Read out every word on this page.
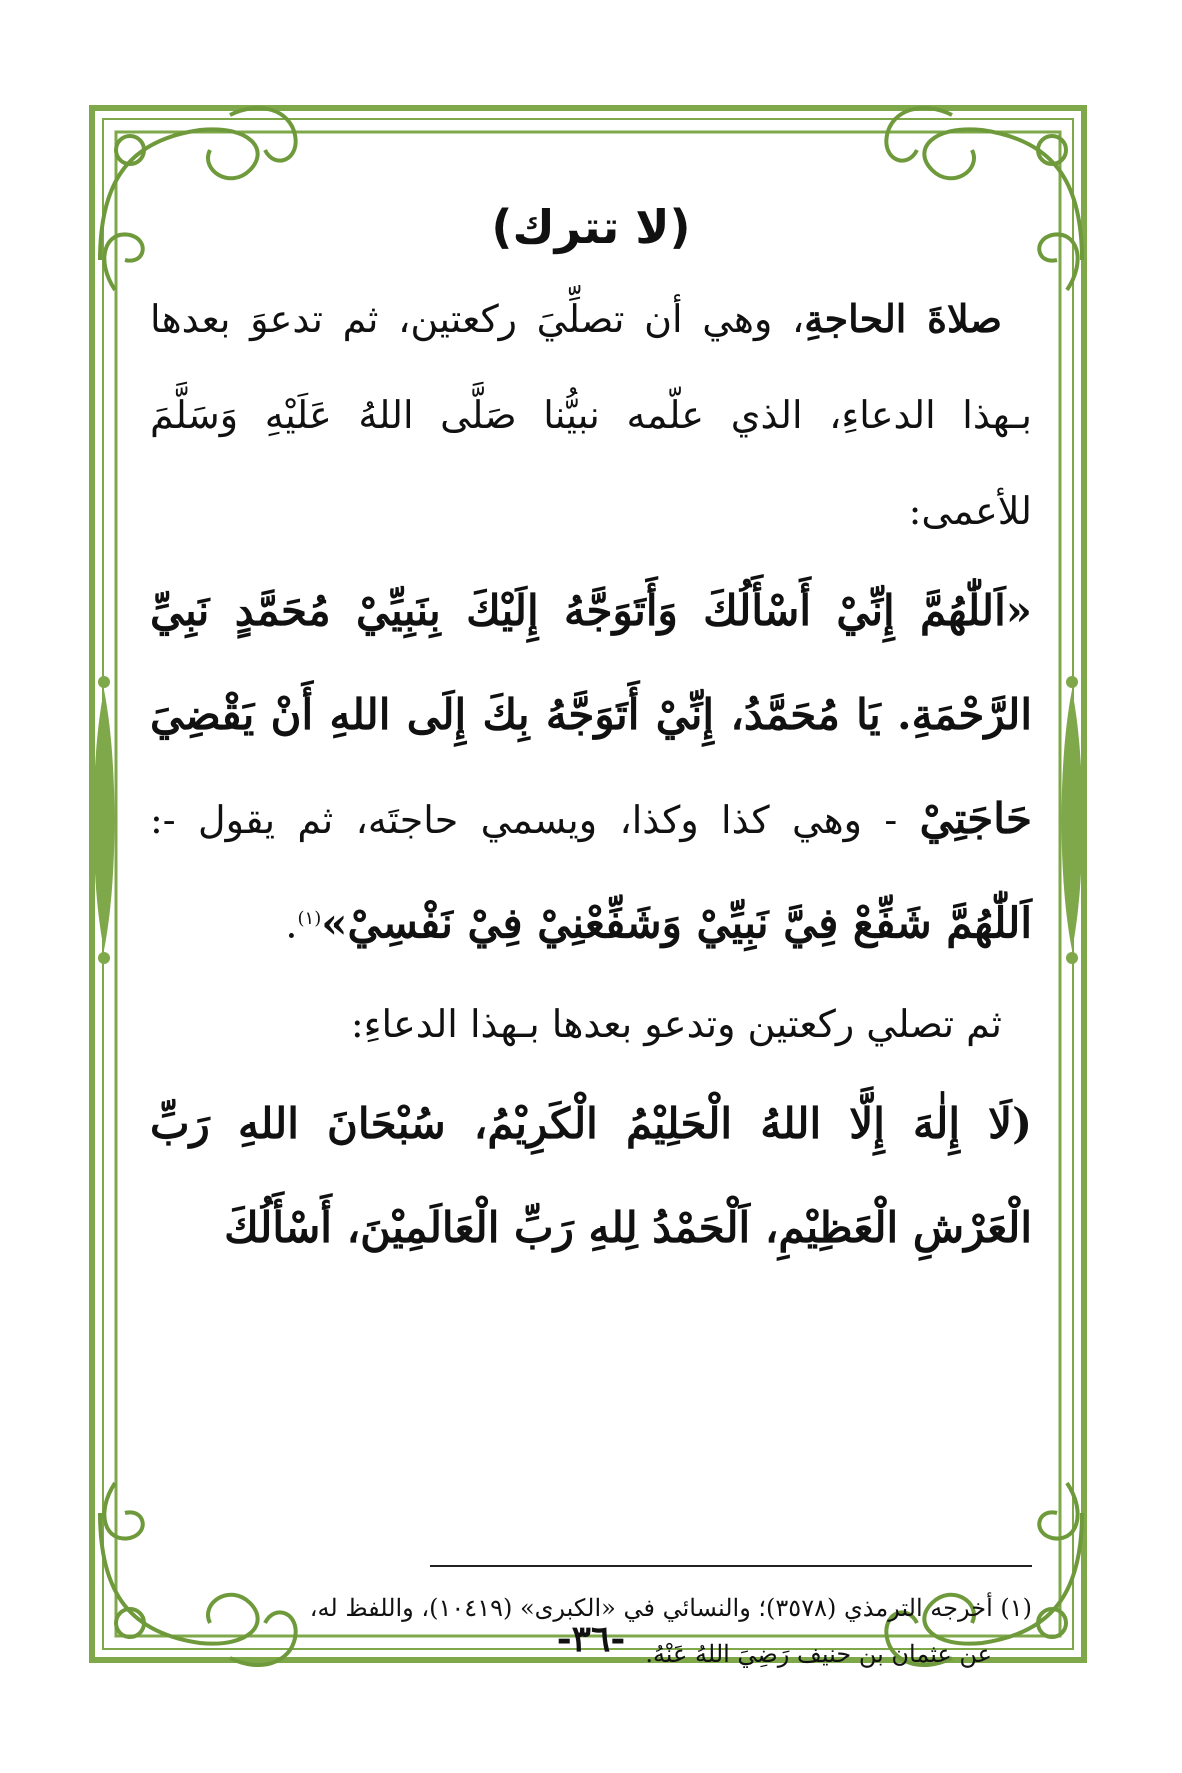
(لا تترك)

صلاةَ الحاجةِ، وهي أن تصلِّيَ ركعتين، ثم تدعوَ بعدها بـهذا الدعاءِ، الذي علّمه نبيُّنا صَلَّى اللهُ عَلَيْهِ وَسَلَّمَ للأعمى:

«اَللّٰهُمَّ إِنِّيْ أَسْأَلُكَ وَأَتَوَجَّهُ إِلَيْكَ بِنَبِيِّيْ مُحَمَّدٍ نَبِيِّ الرَّحْمَةِ. يَا مُحَمَّدُ، إِنِّيْ أَتَوَجَّهُ بِكَ إِلَى اللهِ أَنْ يَقْضِيَ حَاجَتِيْ - وهي كذا وكذا، ويسمي حاجتَه، ثم يقول -: اَللّٰهُمَّ شَفِّعْ فِيَّ نَبِيِّيْ وَشَفِّعْنِيْ فِيْ نَفْسِيْ»$^{(١)}$.

ثم تصلي ركعتين وتدعو بعدها بـهذا الدعاءِ:

(لَا إِلٰهَ إِلَّا اللهُ الْحَلِيْمُ الْكَرِيْمُ، سُبْحَانَ اللهِ رَبِّ الْعَرْشِ الْعَظِيْمِ، اَلْحَمْدُ لِلهِ رَبِّ الْعَالَمِيْنَ، أَسْأَلُكَ

(١) أخرجه الترمذي (٣٥٧٨)؛ والنسائي في «الكبرى» (١٠٤١٩)، واللفظ له،
عن عثمان بن حنيف رَضِيَ اللهُ عَنْهُ.
-٣٦-
